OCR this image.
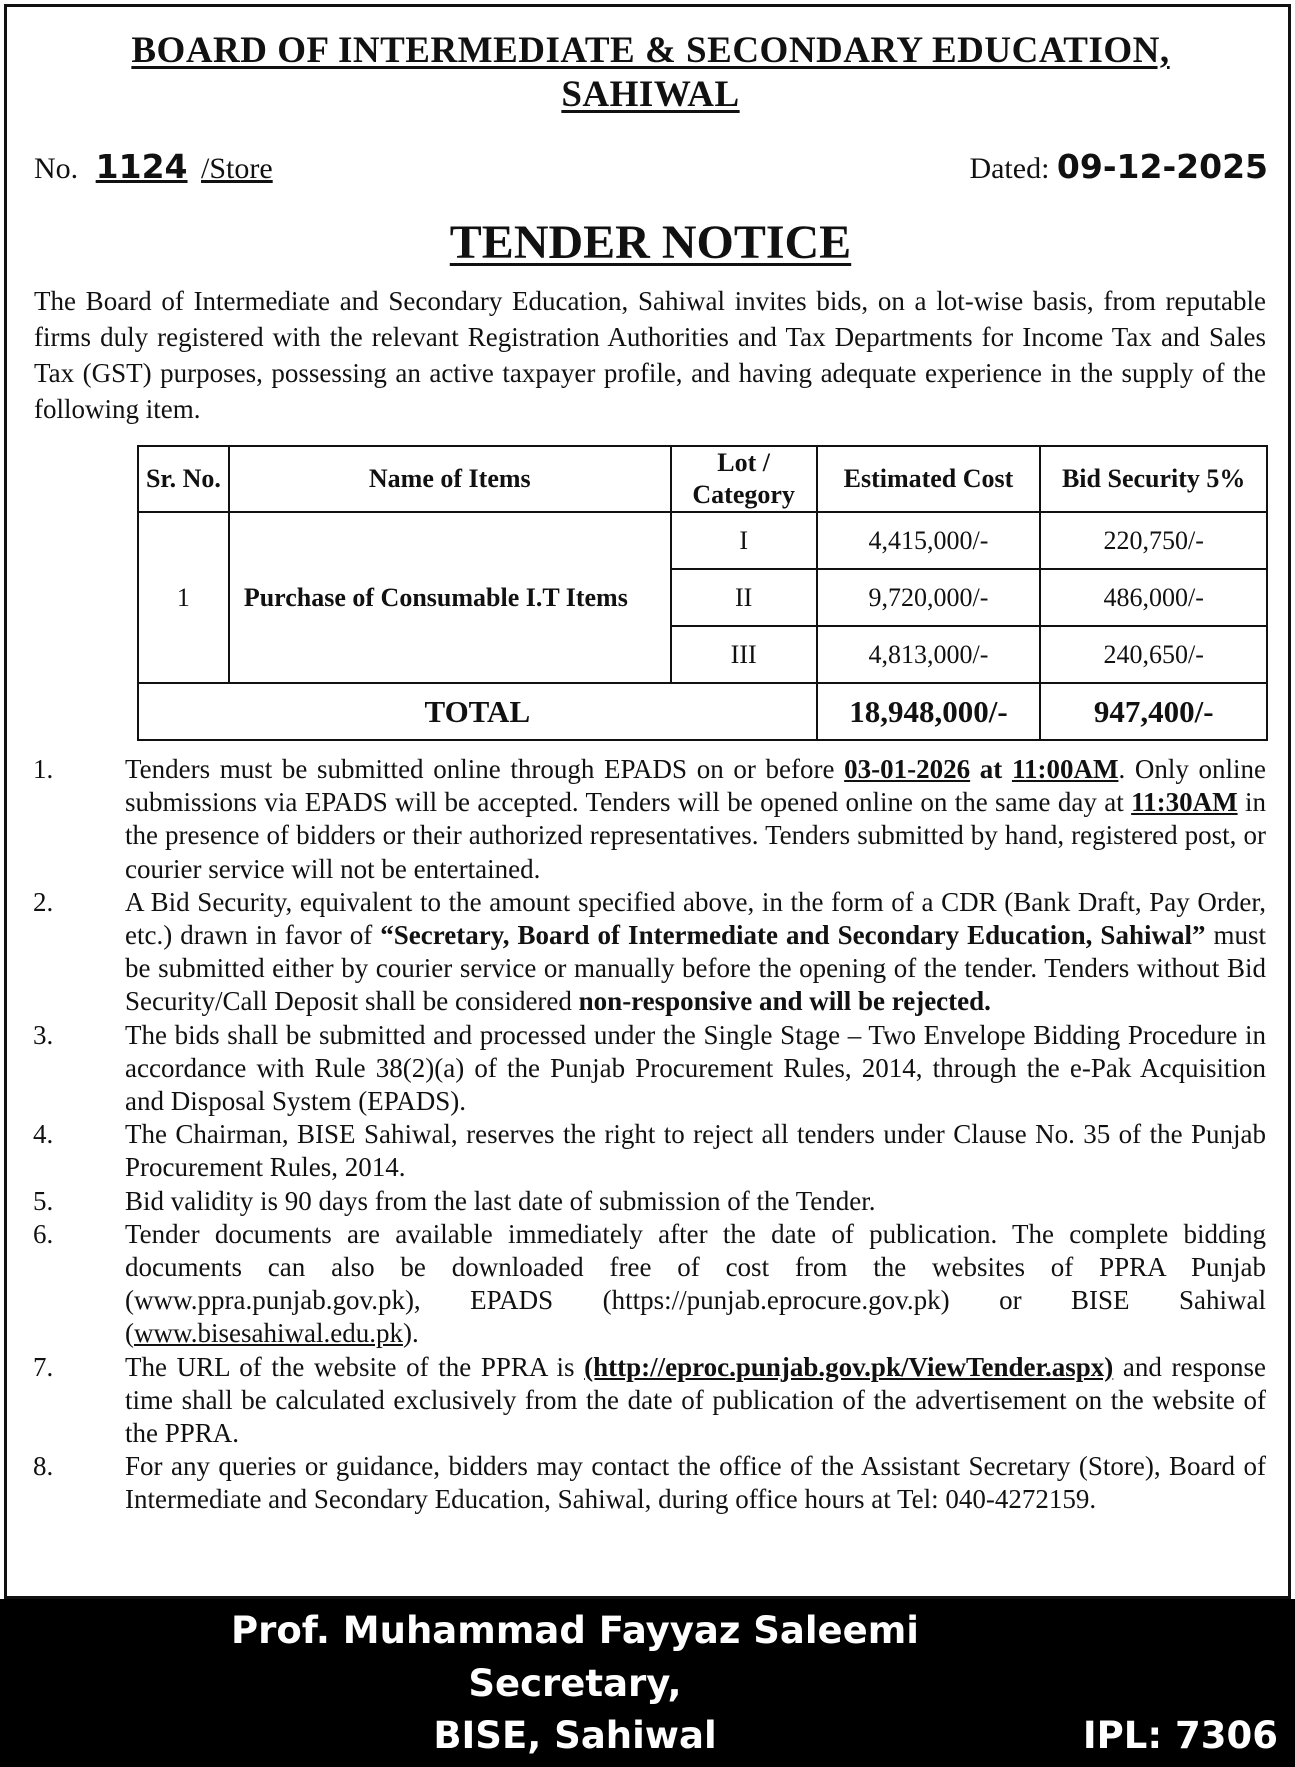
BOARD OF INTERMEDIATE & SECONDARY EDUCATION,
SAHIWAL
No. 1124 /Store	Dated: 09-12-2025
TENDER NOTICE

The Board of Intermediate and Secondary Education, Sahiwal invites bids, on a lot-wise basis, from reputable firms duly registered with the relevant Registration Authorities and Tax Departments for Income Tax and Sales Tax (GST) purposes, possessing an active taxpayer profile, and having adequate experience in the supply of the following item.

Sr. No.	Name of Items	Lot / Category	Estimated Cost	Bid Security 5%
1	Purchase of Consumable I.T Items	I	4,415,000/-	220,750/-
		II	9,720,000/-	486,000/-
		III	4,813,000/-	240,650/-
TOTAL			18,948,000/-	947,400/-
1.	Tenders must be submitted online through EPADS on or before 03-01-2026 at 11:00AM. Only online submissions via EPADS will be accepted. Tenders will be opened online on the same day at 11:30AM in the presence of bidders or their authorized representatives. Tenders submitted by hand, registered post, or courier service will not be entertained.
2.	A Bid Security, equivalent to the amount specified above, in the form of a CDR (Bank Draft, Pay Order, etc.) drawn in favor of “Secretary, Board of Intermediate and Secondary Education, Sahiwal” must be submitted either by courier service or manually before the opening of the tender. Tenders without Bid Security/Call Deposit shall be considered non-responsive and will be rejected.
3.	The bids shall be submitted and processed under the Single Stage – Two Envelope Bidding Procedure in accordance with Rule 38(2)(a) of the Punjab Procurement Rules, 2014, through the e-Pak Acquisition and Disposal System (EPADS).
4.	The Chairman, BISE Sahiwal, reserves the right to reject all tenders under Clause No. 35 of the Punjab Procurement Rules, 2014.
5.	Bid validity is 90 days from the last date of submission of the Tender.
6.	Tender documents are available immediately after the date of publication. The complete bidding documents can also be downloaded free of cost from the websites of PPRA Punjab (www.ppra.punjab.gov.pk), EPADS (https://punjab.eprocure.gov.pk) or BISE Sahiwal (www.bisesahiwal.edu.pk).
7.	The URL of the website of the PPRA is (http://eproc.punjab.gov.pk/ViewTender.aspx) and response time shall be calculated exclusively from the date of publication of the advertisement on the website of the PPRA.
8.	For any queries or guidance, bidders may contact the office of the Assistant Secretary (Store), Board of Intermediate and Secondary Education, Sahiwal, during office hours at Tel: 040-4272159.
Prof. Muhammad Fayyaz Saleemi
Secretary,
BISE, Sahiwal	IPL: 7306
